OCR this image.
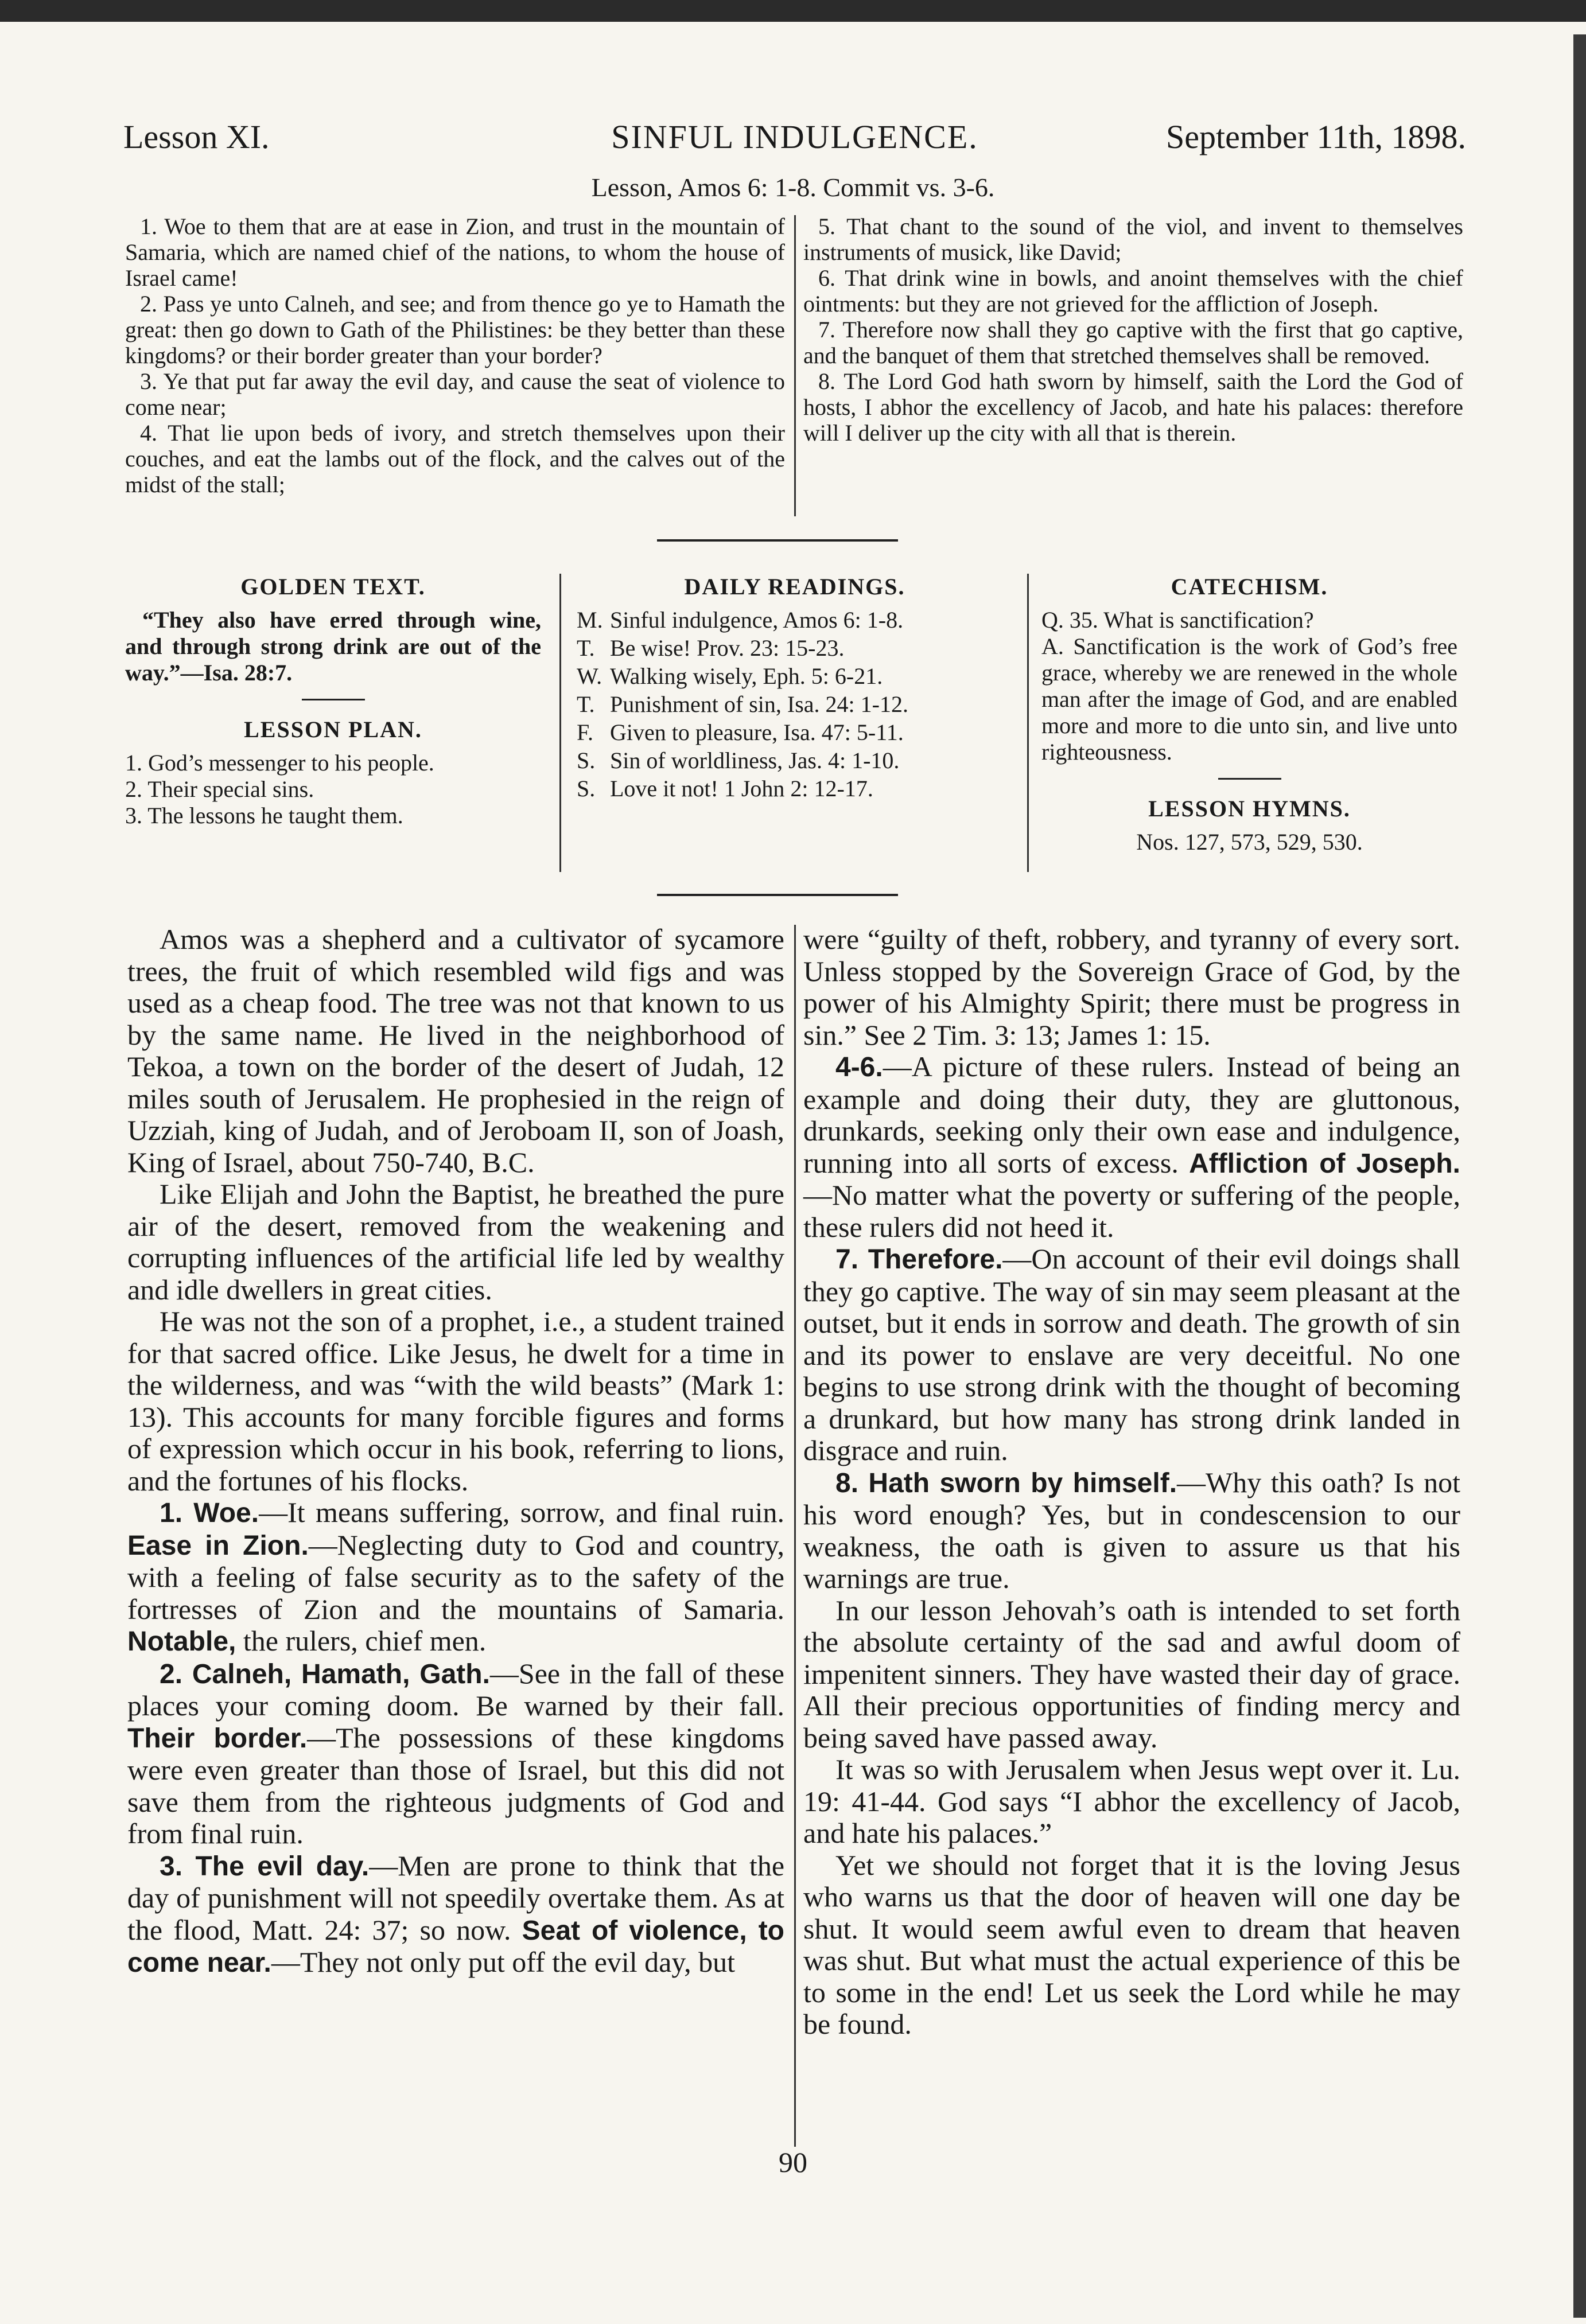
Lesson XI.	SINFUL INDULGENCE.	September 11th, 1898.
Lesson, Amos 6: 1-8. Commit vs. 3-6.

1. Woe to them that are at ease in Zion, and trust in the mountain of Samaria, which are named chief of the nations, to whom the house of Israel came!

2. Pass ye unto Calneh, and see; and from thence go ye to Hamath the great: then go down to Gath of the Philistines: be they better than these kingdoms? or their border greater than your border?

3. Ye that put far away the evil day, and cause the seat of violence to come near;

4. That lie upon beds of ivory, and stretch themselves upon their couches, and eat the lambs out of the flock, and the calves out of the midst of the stall;

5. That chant to the sound of the viol, and invent to themselves instruments of musick, like David;

6. That drink wine in bowls, and anoint themselves with the chief ointments: but they are not grieved for the affliction of Joseph.

7. Therefore now shall they go captive with the first that go captive, and the banquet of them that stretched themselves shall be removed.

8. The Lord God hath sworn by himself, saith the Lord the God of hosts, I abhor the excellency of Jacob, and hate his palaces: therefore will I deliver up the city with all that is therein.

GOLDEN TEXT.

“They also have erred through wine, and through strong drink are out of the way.”—Isa. 28:7.

LESSON PLAN.
1. God’s messenger to his people.
2. Their special sins.
3. The lessons he taught them.
DAILY READINGS.
M. Sinful indulgence, Amos 6: 1-8.
T. Be wise! Prov. 23: 15-23.
W. Walking wisely, Eph. 5: 6-21.
T. Punishment of sin, Isa. 24: 1-12.
F. Given to pleasure, Isa. 47: 5-11.
S. Sin of worldliness, Jas. 4: 1-10.
S. Love it not! 1 John 2: 12-17.
CATECHISM.

Q. 35. What is sanctification?

A. Sanctification is the work of God’s free grace, whereby we are renewed in the whole man after the image of God, and are enabled more and more to die unto sin, and live unto righteousness.

LESSON HYMNS.

Nos. 127, 573, 529, 530.

Amos was a shepherd and a cultivator of sycamore trees, the fruit of which resembled wild figs and was used as a cheap food. The tree was not that known to us by the same name. He lived in the neighborhood of Tekoa, a town on the border of the desert of Judah, 12 miles south of Jerusalem. He prophesied in the reign of Uzziah, king of Judah, and of Jeroboam II, son of Joash, King of Israel, about 750-740, B.C.

Like Elijah and John the Baptist, he breathed the pure air of the desert, removed from the weakening and corrupting influences of the artificial life led by wealthy and idle dwellers in great cities.

He was not the son of a prophet, i.e., a student trained for that sacred office. Like Jesus, he dwelt for a time in the wilderness, and was “with the wild beasts” (Mark 1: 13). This accounts for many forcible figures and forms of expression which occur in his book, referring to lions, and the fortunes of his flocks.

1. Woe.—It means suffering, sorrow, and final ruin. Ease in Zion.—Neglecting duty to God and country, with a feeling of false security as to the safety of the fortresses of Zion and the mountains of Samaria. Notable, the rulers, chief men.

2. Calneh, Hamath, Gath.—See in the fall of these places your coming doom. Be warned by their fall. Their border.—The possessions of these kingdoms were even greater than those of Israel, but this did not save them from the righteous judgments of God and from final ruin.

3. The evil day.—Men are prone to think that the day of punishment will not speedily overtake them. As at the flood, Matt. 24: 37; so now. Seat of violence, to come near.—They not only put off the evil day, but

were “guilty of theft, robbery, and tyranny of every sort. Unless stopped by the Sovereign Grace of God, by the power of his Almighty Spirit; there must be progress in sin.” See 2 Tim. 3: 13; James 1: 15.

4-6.—A picture of these rulers. Instead of being an example and doing their duty, they are gluttonous, drunkards, seeking only their own ease and indulgence, running into all sorts of excess. Affliction of Joseph.—No matter what the poverty or suffering of the people, these rulers did not heed it.

7. Therefore.—On account of their evil doings shall they go captive. The way of sin may seem pleasant at the outset, but it ends in sorrow and death. The growth of sin and its power to enslave are very deceitful. No one begins to use strong drink with the thought of becoming a drunkard, but how many has strong drink landed in disgrace and ruin.

8. Hath sworn by himself.—Why this oath? Is not his word enough? Yes, but in condescension to our weakness, the oath is given to assure us that his warnings are true.

In our lesson Jehovah’s oath is intended to set forth the absolute certainty of the sad and awful doom of impenitent sinners. They have wasted their day of grace. All their precious opportunities of finding mercy and being saved have passed away.

It was so with Jerusalem when Jesus wept over it. Lu. 19: 41-44. God says “I abhor the excellency of Jacob, and hate his palaces.”

Yet we should not forget that it is the loving Jesus who warns us that the door of heaven will one day be shut. It would seem awful even to dream that heaven was shut. But what must the actual experience of this be to some in the end! Let us seek the Lord while he may be found.

90
